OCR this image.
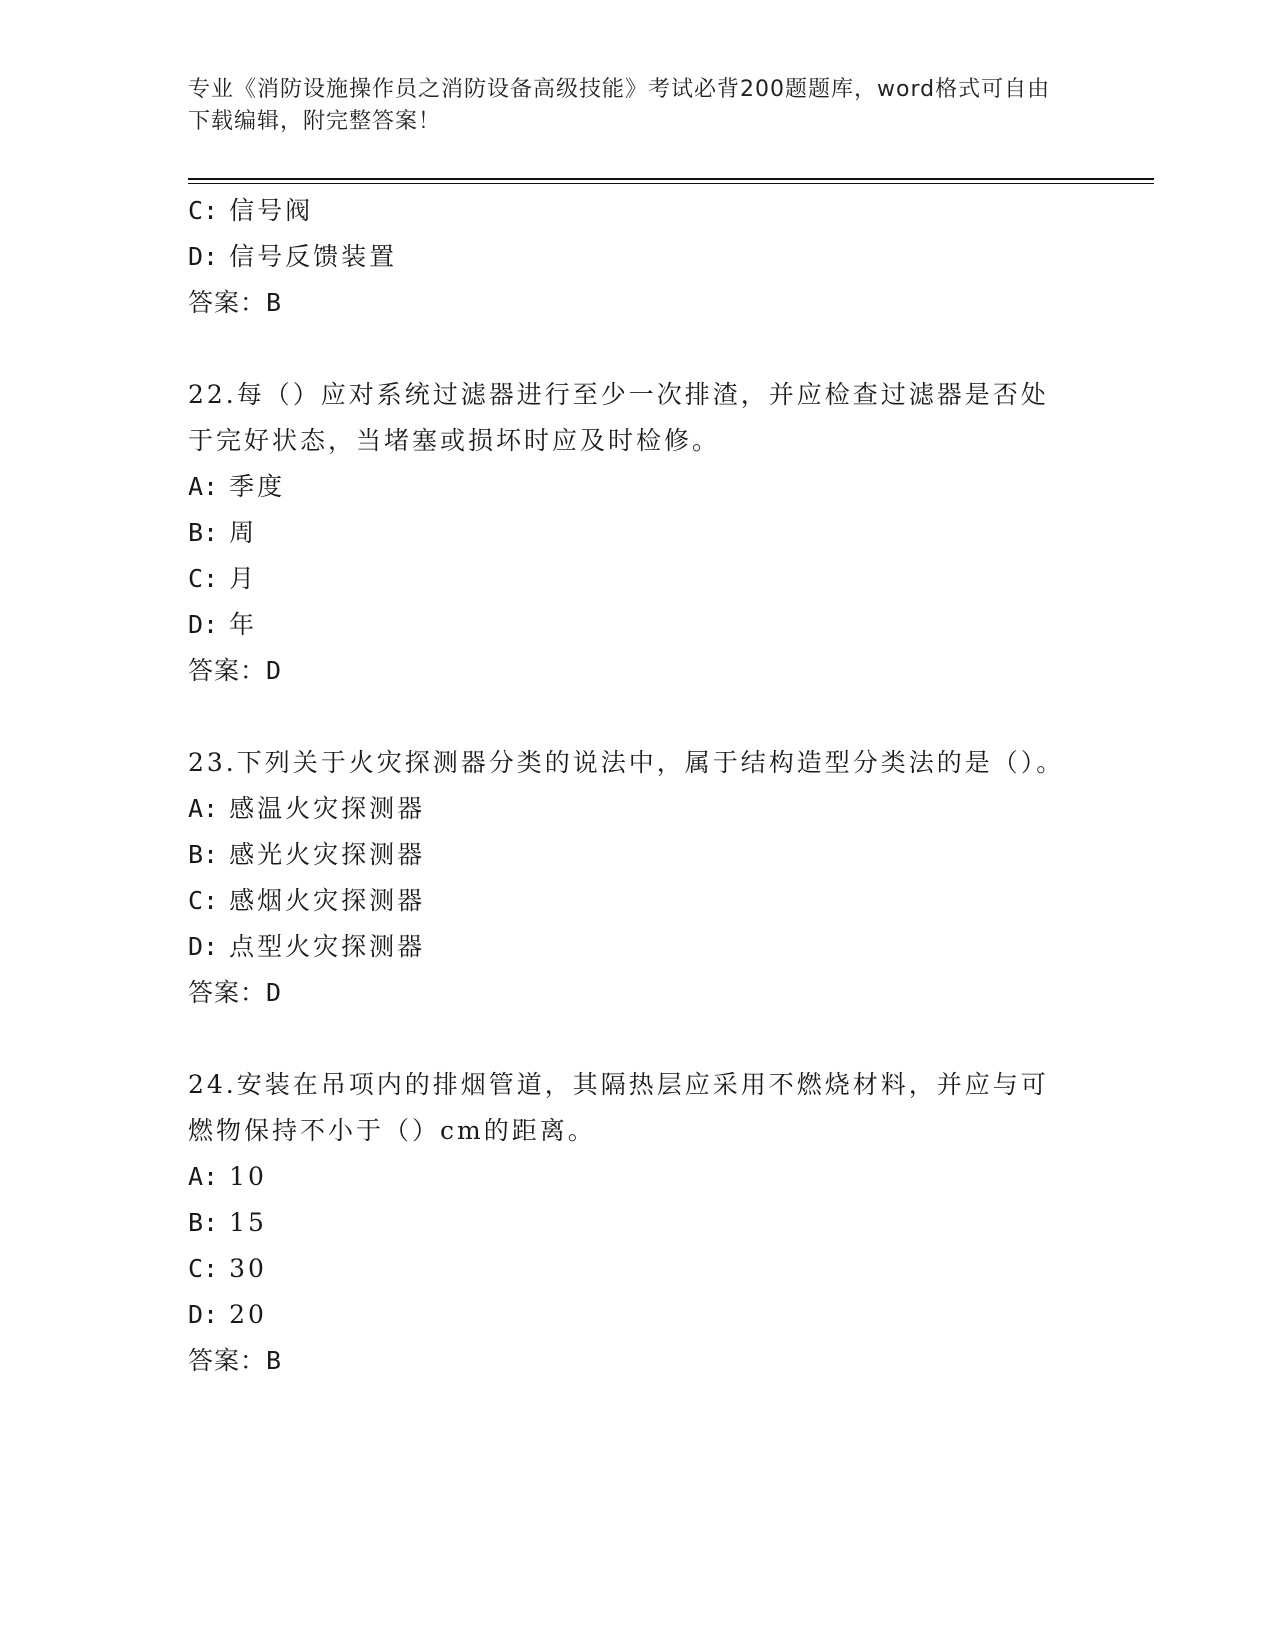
专业《消防设施操作员之消防设备高级技能》考试必背200题题库，word格式可自由下载编辑，附完整答案！
C: 信号阀
D: 信号反馈装置
答案：B
22.每（）应对系统过滤器进行至少一次排渣，并应检查过滤器是否处于完好状态，当堵塞或损坏时应及时检修。
A: 季度
B: 周
C: 月
D: 年
答案：D
23.下列关于火灾探测器分类的说法中，属于结构造型分类法的是（）。
A: 感温火灾探测器
B: 感光火灾探测器
C: 感烟火灾探测器
D: 点型火灾探测器
答案：D
24.安装在吊项内的排烟管道，其隔热层应采用不燃烧材料，并应与可燃物保持不小于（）cm的距离。
A: 10
B: 15
C: 30
D: 20
答案：B
